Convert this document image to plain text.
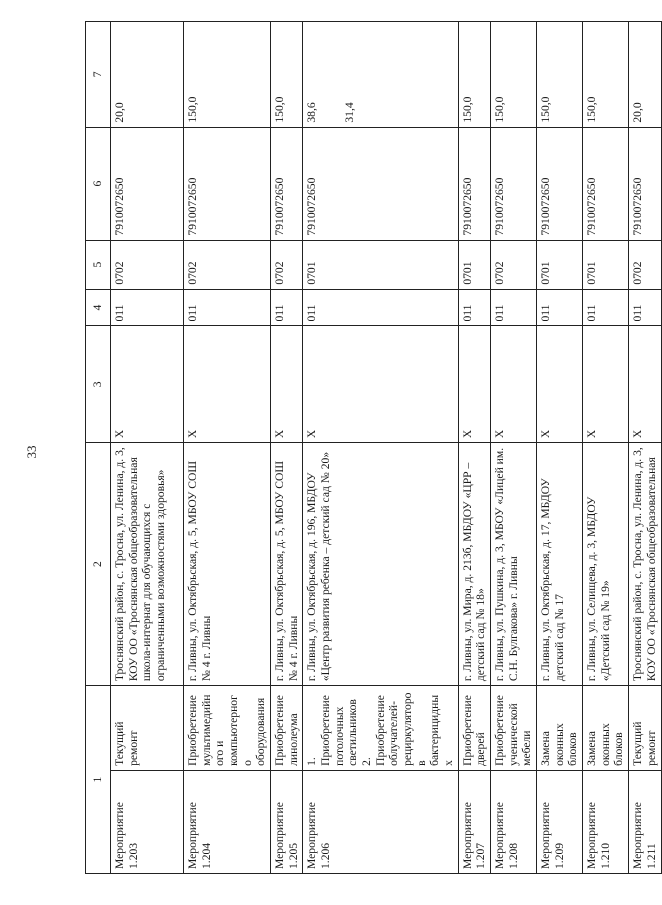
33
1		2	3	4	5	6	7
Мероприятие 1.203	Текущий ремонт	Троснянский район, с. Тросна, ул. Ленина, д. 3, КОУ ОО «Троснянская общеобразовательная школа-интернат для обучающихся с ограниченными возможностями здоровья»	Х	011	0702	7910072650	20,0

Мероприятие 1.204	Приобретение мультимедийного и компьютерного оборудования	г. Ливны, ул. Октябрьская, д. 5, МБОУ СОШ № 4 г. Ливны	Х	011	0702	7910072650	150,0

Мероприятие 1.205	Приобретение линолеума	г. Ливны, ул. Октябрьская, д. 5, МБОУ СОШ № 4 г. Ливны	Х	011	0702	7910072650	150,0

Мероприятие 1.206	1. Приобретение потолочных светильников 2. Приобретение облучателей-рециркуляторов бактерицидных	г. Ливны, ул. Октябрьская, д. 196, МБДОУ «Центр развития ребенка – детский сад № 20»	Х	011	0701	7910072650	38,6 31,4

Мероприятие 1.207	Приобретение дверей	г. Ливны, ул. Мира, д. 213б, МБДОУ «ЦРР – детский сад № 18»	Х	011	0701	7910072650	150,0

Мероприятие 1.208	Приобретение ученической мебели	г. Ливны, ул. Пушкина, д. 3, МБОУ «Лицей им. С.Н. Булгакова» г. Ливны	Х	011	0702	7910072650	150,0

Мероприятие 1.209	Замена оконных блоков	г. Ливны, ул. Октябрьская, д. 17, МБДОУ детский сад № 17	Х	011	0701	7910072650	150,0

Мероприятие 1.210	Замена оконных блоков	г. Ливны, ул. Селищева, д. 3, МБДОУ «Детский сад № 19»	Х	011	0701	7910072650	150,0

Мероприятие 1.211	Текущий ремонт	Троснянский район, с. Тросна, ул. Ленина, д. 3, КОУ ОО «Троснянская общеобразовательная	Х	011	0702	7910072650	20,0
